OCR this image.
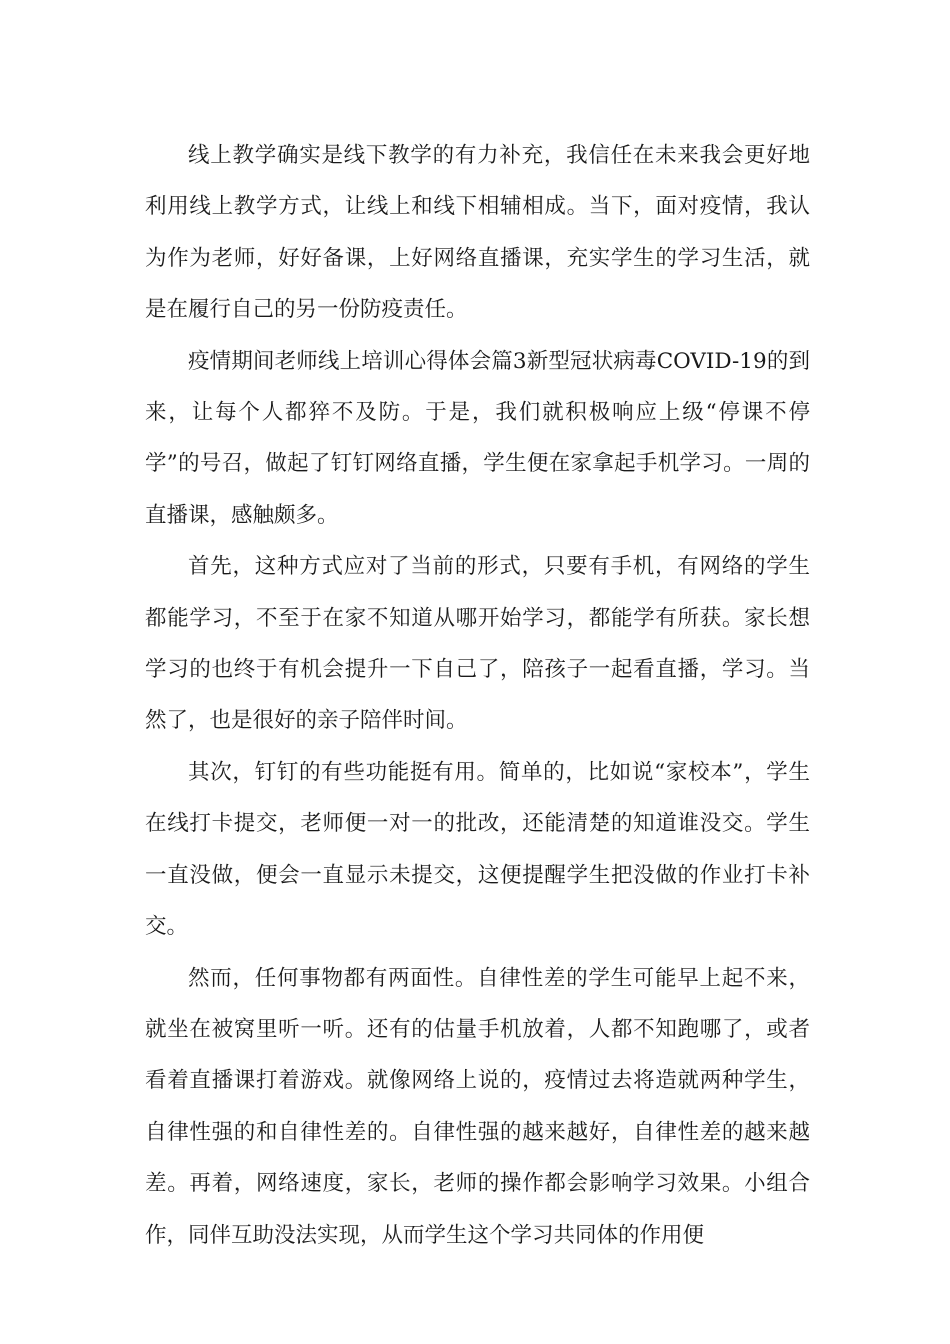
线上教学确实是线下教学的有力补充，我信任在未来我会更好地利用线上教学方式，让线上和线下相辅相成。当下，面对疫情，我认为作为老师，好好备课，上好网络直播课，充实学生的学习生活，就是在履行自己的另一份防疫责任。

疫情期间老师线上培训心得体会篇3新型冠状病毒COVID-19的到来，让每个人都猝不及防。于是，我们就积极响应上级“停课不停学”的号召，做起了钉钉网络直播，学生便在家拿起手机学习。一周的直播课，感触颇多。

首先，这种方式应对了当前的形式，只要有手机，有网络的学生都能学习，不至于在家不知道从哪开始学习，都能学有所获。家长想学习的也终于有机会提升一下自己了，陪孩子一起看直播，学习。当然了，也是很好的亲子陪伴时间。

其次，钉钉的有些功能挺有用。简单的，比如说“家校本”，学生在线打卡提交，老师便一对一的批改，还能清楚的知道谁没交。学生一直没做，便会一直显示未提交，这便提醒学生把没做的作业打卡补交。

然而，任何事物都有两面性。自律性差的学生可能早上起不来，就坐在被窝里听一听。还有的估量手机放着，人都不知跑哪了，或者看着直播课打着游戏。就像网络上说的，疫情过去将造就两种学生，自律性强的和自律性差的。自律性强的越来越好，自律性差的越来越差。再着，网络速度，家长，老师的操作都会影响学习效果。小组合作，同伴互助没法实现，从而学生这个学习共同体的作用便
